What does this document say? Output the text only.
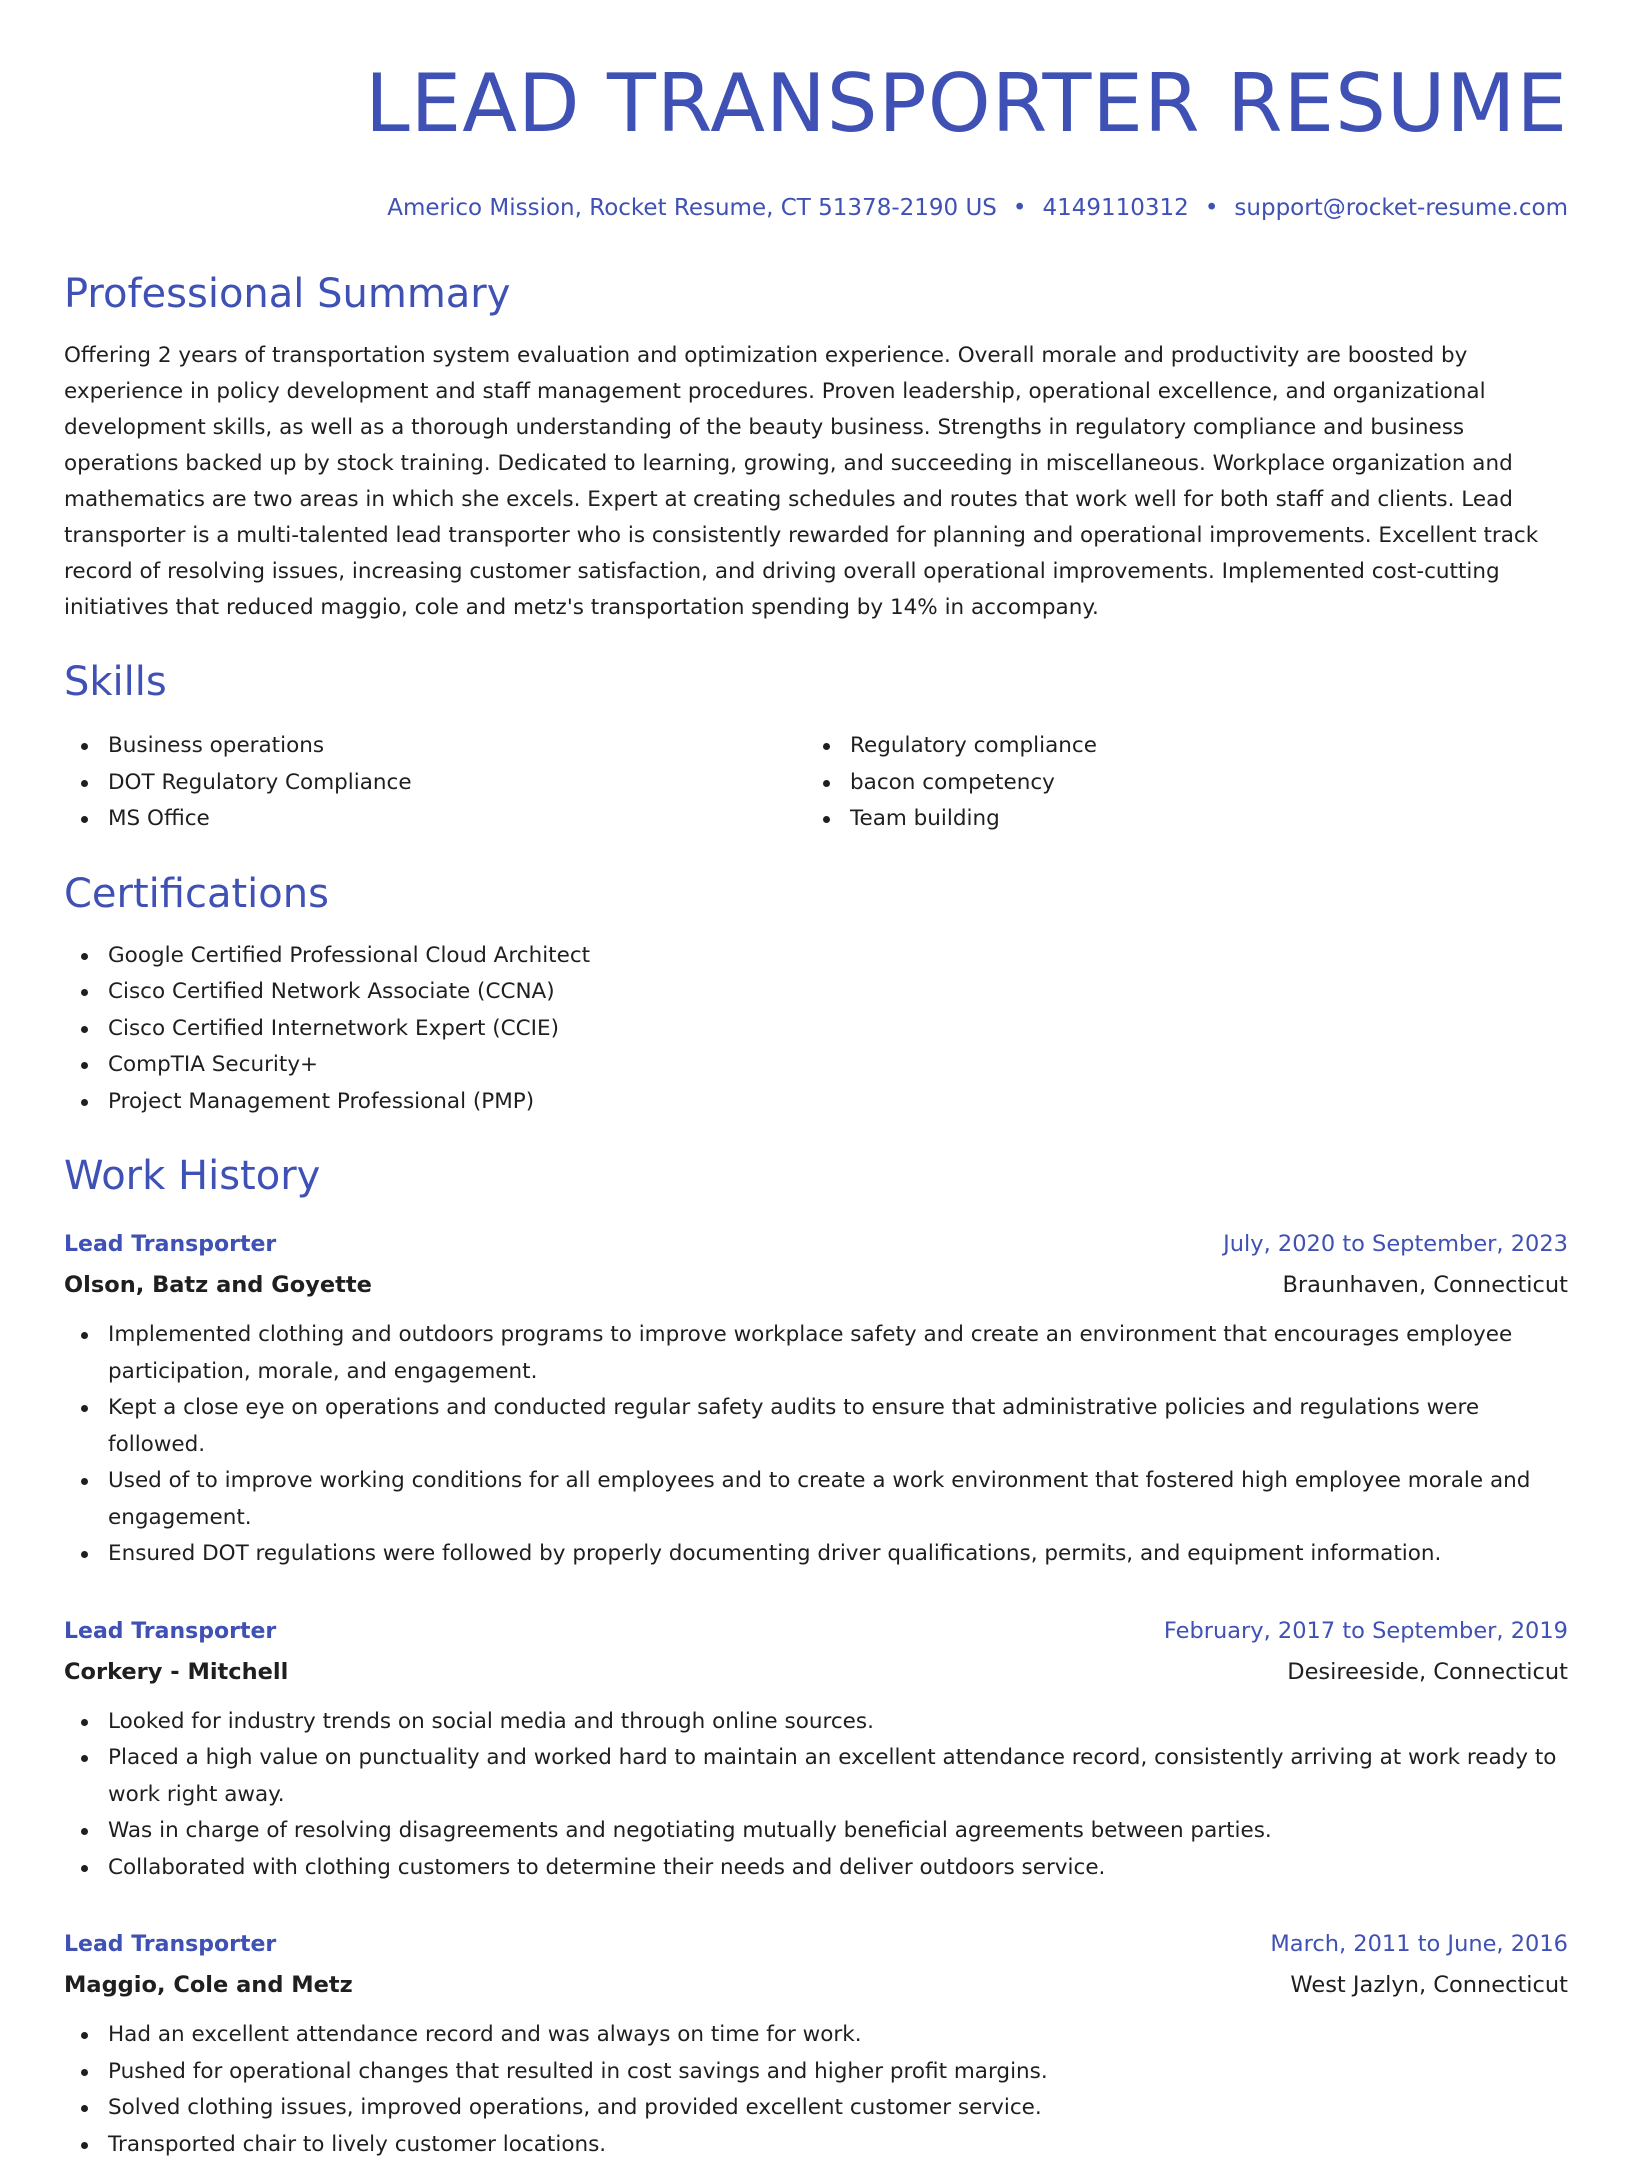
LEAD TRANSPORTER RESUME
Americo Mission, Rocket Resume, CT 51378-2190 US • 4149110312 • support@rocket-resume.com
Professional Summary

Offering 2 years of transportation system evaluation and optimization experience. Overall morale and productivity are boosted by experience in policy development and staff management procedures. Proven leadership, operational excellence, and organizational development skills, as well as a thorough understanding of the beauty business. Strengths in regulatory compliance and business operations backed up by stock training. Dedicated to learning, growing, and succeeding in miscellaneous. Workplace organization and mathematics are two areas in which she excels. Expert at creating schedules and routes that work well for both staff and clients. Lead transporter is a multi-talented lead transporter who is consistently rewarded for planning and operational improvements. Excellent track record of resolving issues, increasing customer satisfaction, and driving overall operational improvements. Implemented cost-cutting initiatives that reduced maggio, cole and metz's transportation spending by 14% in accompany.

Skills
Business operations
DOT Regulatory Compliance
MS Office
Regulatory compliance
bacon competency
Team building
Certifications
Google Certified Professional Cloud Architect
Cisco Certified Network Associate (CCNA)
Cisco Certified Internetwork Expert (CCIE)
CompTIA Security+
Project Management Professional (PMP)
Work History
Lead Transporter	July, 2020 to September, 2023
Olson, Batz and Goyette	Braunhaven, Connecticut
Implemented clothing and outdoors programs to improve workplace safety and create an environment that encourages employee participation, morale, and engagement.
Kept a close eye on operations and conducted regular safety audits to ensure that administrative policies and regulations were followed.
Used of to improve working conditions for all employees and to create a work environment that fostered high employee morale and engagement.
Ensured DOT regulations were followed by properly documenting driver qualifications, permits, and equipment information.
Lead Transporter	February, 2017 to September, 2019
Corkery - Mitchell	Desireeside, Connecticut
Looked for industry trends on social media and through online sources.
Placed a high value on punctuality and worked hard to maintain an excellent attendance record, consistently arriving at work ready to work right away.
Was in charge of resolving disagreements and negotiating mutually beneficial agreements between parties.
Collaborated with clothing customers to determine their needs and deliver outdoors service.
Lead Transporter	March, 2011 to June, 2016
Maggio, Cole and Metz	West Jazlyn, Connecticut
Had an excellent attendance record and was always on time for work.
Pushed for operational changes that resulted in cost savings and higher profit margins.
Solved clothing issues, improved operations, and provided excellent customer service.
Transported chair to lively customer locations.
